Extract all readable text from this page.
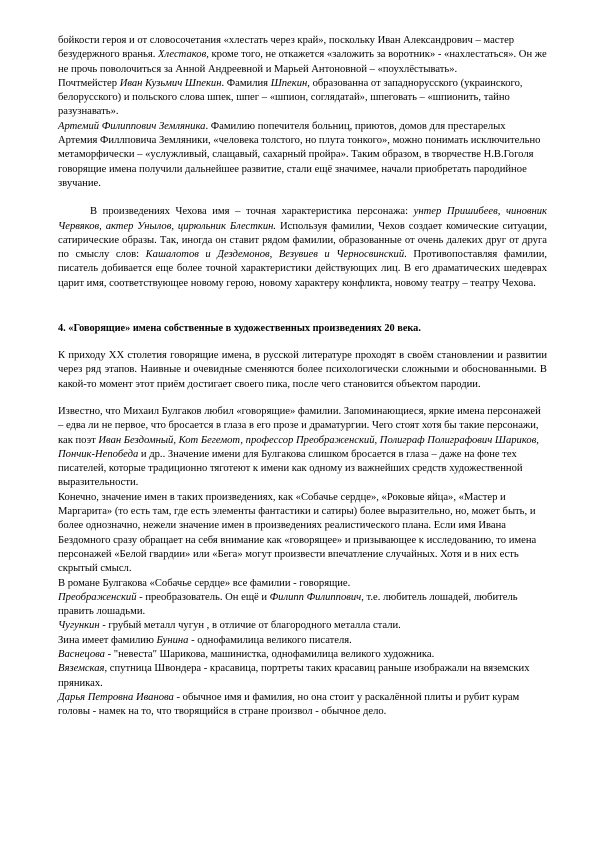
бойкости героя и от словосочетания «хлестать через край», поскольку Иван Александрович – мастер безудержного вранья. Хлестаков, кроме того, не откажется «заложить за воротник» - «нахлестаться». Он же не прочь поволочиться за Анной Андреевной и Марьей Антоновной – «поухлёстывать».

Почтмейстер Иван Кузьмич Шпекин. Фамилия Шпекин, образованна от западнорусского (украинского, белорусского) и польского слова шпек, шпег – «шпион, соглядатай», шпеговать – «шпионить, тайно разузнавать».

Артемий Филиппович Земляника. Фамилию попечителя больниц, приютов, домов для престарелых Артемия Филлповича Земляники, «человека толстого, но плута тонкого», можно понимать исключительно метаморфически – «услужливый, слащавый, сахарный пройра». Таким образом, в творчестве Н.В.Гоголя говорящие имена получили дальнейшее развитие, стали ещё значимее, начали приобретать пародийное звучание.

В произведениях Чехова имя – точная характеристика персонажа: унтер Пришибеев, чиновник Червяков, актер Унылов, цирюльник Блесткин. Используя фамилии, Чехов создает комические ситуации, сатирические образы. Так, иногда он ставит рядом фамилии, образованные от очень далеких друг от друга по смыслу слов: Кашалотов и Дездемонов, Везувиев и Черносвинский. Противопоставляя фамилии, писатель добивается еще более точной характеристики действующих лиц. В его драматических шедеврах царит имя, соответствующее новому герою, новому характеру конфликта, новому театру – театру Чехова.

4. «Говорящие» имена собственные в художественных произведениях 20 века.

К приходу XX столетия говорящие имена, в русской литературе проходят в своём становлении и развитии через ряд этапов. Наивные и очевидные сменяются более психологически сложными и обоснованными. В какой-то момент этот приём достигает своего пика, после чего становится объектом пародии.

Известно, что Михаил Булгаков любил «говорящие» фамилии. Запоминающиеся, яркие имена персонажей – едва ли не первое, что бросается в глаза в его прозе и драматургии. Чего стоят хотя бы такие персонажи, как поэт Иван Бездомный, Кот Бегемот, профессор Преображенский, Полиграф Полиграфович Шариков, Пончик-Непобеда и др.. Значение имени для Булгакова слишком бросается в глаза – даже на фоне тех писателей, которые традиционно тяготеют к имени как одному из важнейших средств художественной выразительности.

Конечно, значение имен в таких произведениях, как «Собачье сердце», «Роковые яйца», «Мастер и Маргарита» (то есть там, где есть элементы фантастики и сатиры) более выразительно, но, может быть, и более однозначно, нежели значение имен в произведениях реалистического плана. Если имя Ивана Бездомного сразу обращает на себя внимание как «говорящее» и призывающее к исследованию, то имена персонажей «Белой гвардии» или «Бега» могут произвести впечатление случайных. Хотя и в них есть скрытый смысл.

В романе Булгакова «Собачье сердце» все фамилии - говорящие.

Преображенский - преобразователь. Он ещё и Филипп Филиппович, т.е. любитель лошадей, любитель править лошадьми.

Чугункин - грубый металл чугун , в отличие от благородного металла стали.

Зина имеет фамилию Бунина - однофамилица великого писателя.

Васнецова - "невеста" Шарикова, машинистка, однофамилица великого художника.

Вяземская, спутница Швондера - красавица, портреты таких красавиц раньше изображали на вяземских пряниках.

Дарья Петровна Иванова - обычное имя и фамилия, но она стоит у раскалённой плиты и рубит курам головы - намек на то, что творящийся в стране произвол - обычное дело.
